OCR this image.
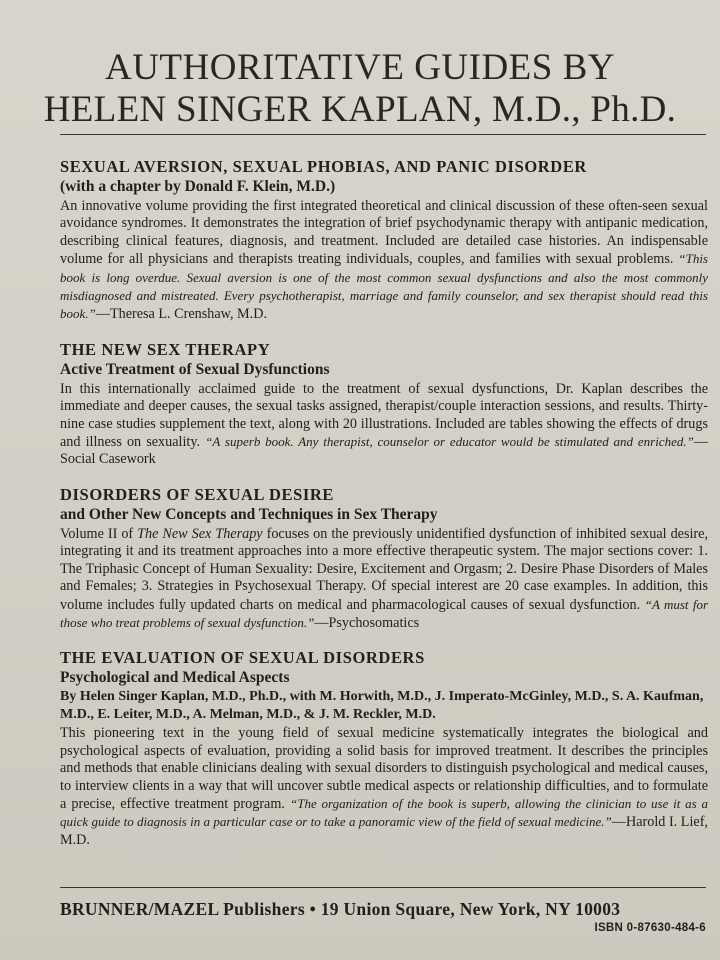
AUTHORITATIVE GUIDES BY
HELEN SINGER KAPLAN, M.D., Ph.D.
SEXUAL AVERSION, SEXUAL PHOBIAS, AND PANIC DISORDER
(with a chapter by Donald F. Klein, M.D.)
An innovative volume providing the first integrated theoretical and clinical discussion of these often-seen sexual avoidance syndromes. It demonstrates the integration of brief psychodynamic therapy with antipanic medication, describing clinical features, diagnosis, and treatment. Included are detailed case histories. An indispensable volume for all physicians and therapists treating individuals, couples, and families with sexual problems. “This book is long overdue. Sexual aversion is one of the most common sexual dysfunctions and also the most commonly misdiagnosed and mistreated. Every psychotherapist, marriage and family counselor, and sex therapist should read this book.”—Theresa L. Crenshaw, M.D.
THE NEW SEX THERAPY
Active Treatment of Sexual Dysfunctions
In this internationally acclaimed guide to the treatment of sexual dysfunctions, Dr. Kaplan describes the immediate and deeper causes, the sexual tasks assigned, therapist/couple interaction sessions, and results. Thirty-nine case studies supplement the text, along with 20 illustrations. Included are tables showing the effects of drugs and illness on sexuality. “A superb book. Any therapist, counselor or educator would be stimulated and enriched.”—Social Casework
DISORDERS OF SEXUAL DESIRE
and Other New Concepts and Techniques in Sex Therapy
Volume II of The New Sex Therapy focuses on the previously unidentified dysfunction of inhibited sexual desire, integrating it and its treatment approaches into a more effective therapeutic system. The major sections cover: 1. The Triphasic Concept of Human Sexuality: Desire, Excitement and Orgasm; 2. Desire Phase Disorders of Males and Females; 3. Strategies in Psychosexual Therapy. Of special interest are 20 case examples. In addition, this volume includes fully updated charts on medical and pharmacological causes of sexual dysfunction. “A must for those who treat problems of sexual dysfunction.”—Psychosomatics
THE EVALUATION OF SEXUAL DISORDERS
Psychological and Medical Aspects
By Helen Singer Kaplan, M.D., Ph.D., with M. Horwith, M.D., J. Imperato-McGinley, M.D., S. A. Kaufman, M.D., E. Leiter, M.D., A. Melman, M.D., & J. M. Reckler, M.D.
This pioneering text in the young field of sexual medicine systematically integrates the biological and psychological aspects of evaluation, providing a solid basis for improved treatment. It describes the principles and methods that enable clinicians dealing with sexual disorders to distinguish psychological and medical causes, to interview clients in a way that will uncover subtle medical aspects or relationship difficulties, and to formulate a precise, effective treatment program. “The organization of the book is superb, allowing the clinician to use it as a quick guide to diagnosis in a particular case or to take a panoramic view of the field of sexual medicine.”—Harold I. Lief, M.D.
BRUNNER/MAZEL Publishers • 19 Union Square, New York, NY 10003
ISBN 0-87630-484-6
